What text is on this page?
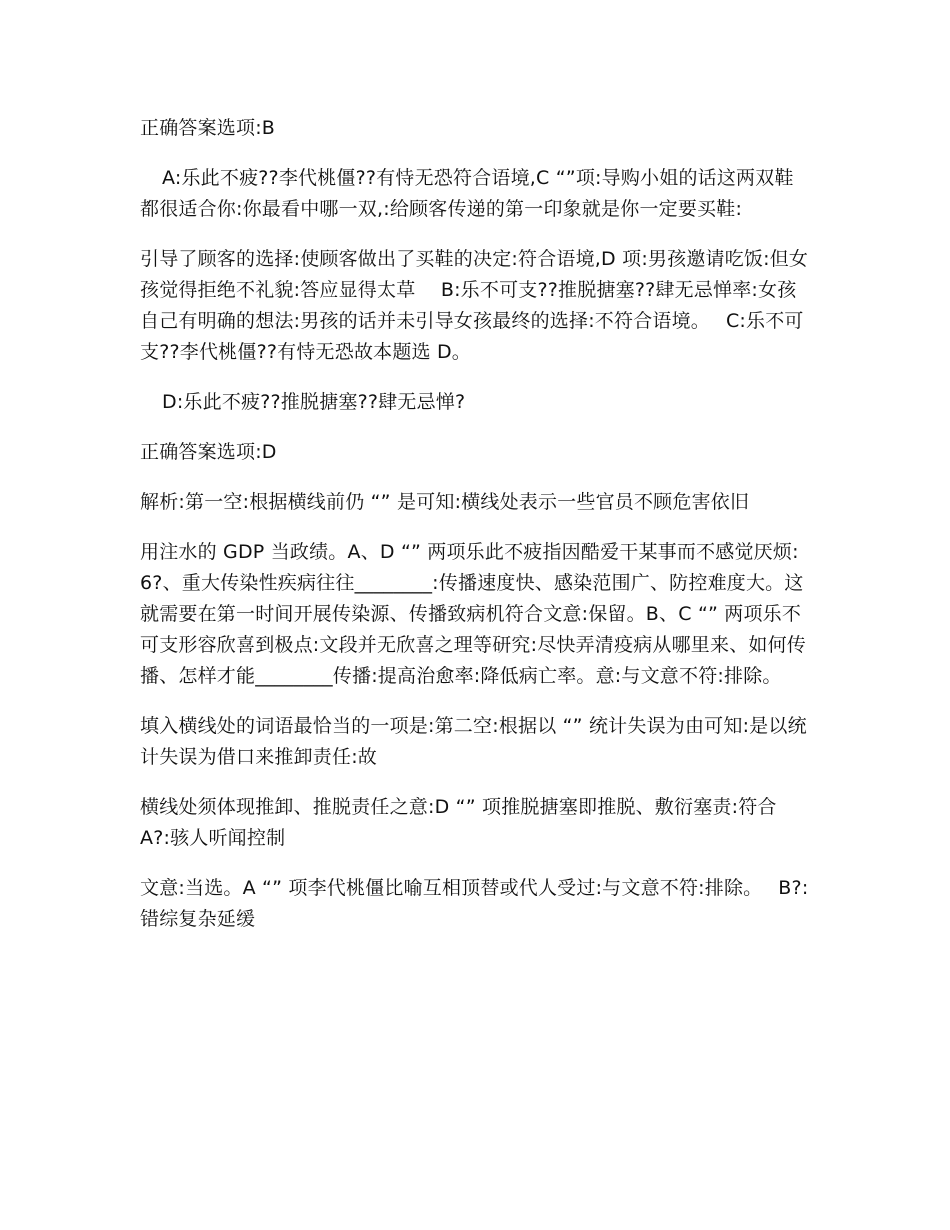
正确答案选项:B

A:乐此不疲??李代桃僵??有恃无恐符合语境,C “”项:导购小姐的话这两双鞋都很适合你:你最看中哪一双,:给顾客传递的第一印象就是你一定要买鞋:

引导了顾客的选择:使顾客做出了买鞋的决定:符合语境,D 项:男孩邀请吃饭:但女孩觉得拒绝不礼貌:答应显得太草　 B:乐不可支??推脱搪塞??肆无忌惮率:女孩自己有明确的想法:男孩的话并未引导女孩最终的选择:不符合语境。　 C:乐不可支??李代桃僵??有恃无恐故本题选 D。

D:乐此不疲??推脱搪塞??肆无忌惮?

正确答案选项:D

解析:第一空:根据横线前仍 “” 是可知:横线处表示一些官员不顾危害依旧

用注水的 GDP 当政绩。A、D “” 两项乐此不疲指因酷爱干某事而不感觉厌烦:6?、重大传染性疾病往往________:传播速度快、感染范围广、防控难度大。这就需要在第一时间开展传染源、传播致病机符合文意:保留。B、C “” 两项乐不可支形容欣喜到极点:文段并无欣喜之理等研究:尽快弄清疫病从哪里来、如何传播、怎样才能________传播:提高治愈率:降低病亡率。意:与文意不符:排除。

填入横线处的词语最恰当的一项是:第二空:根据以 “” 统计失误为由可知:是以统计失误为借口来推卸责任:故

横线处须体现推卸、推脱责任之意:D “” 项推脱搪塞即推脱、敷衍塞责:符合　 A?:骇人听闻控制

文意:当选。A “” 项李代桃僵比喻互相顶替或代人受过:与文意不符:排除。　 B?:错综复杂延缓
